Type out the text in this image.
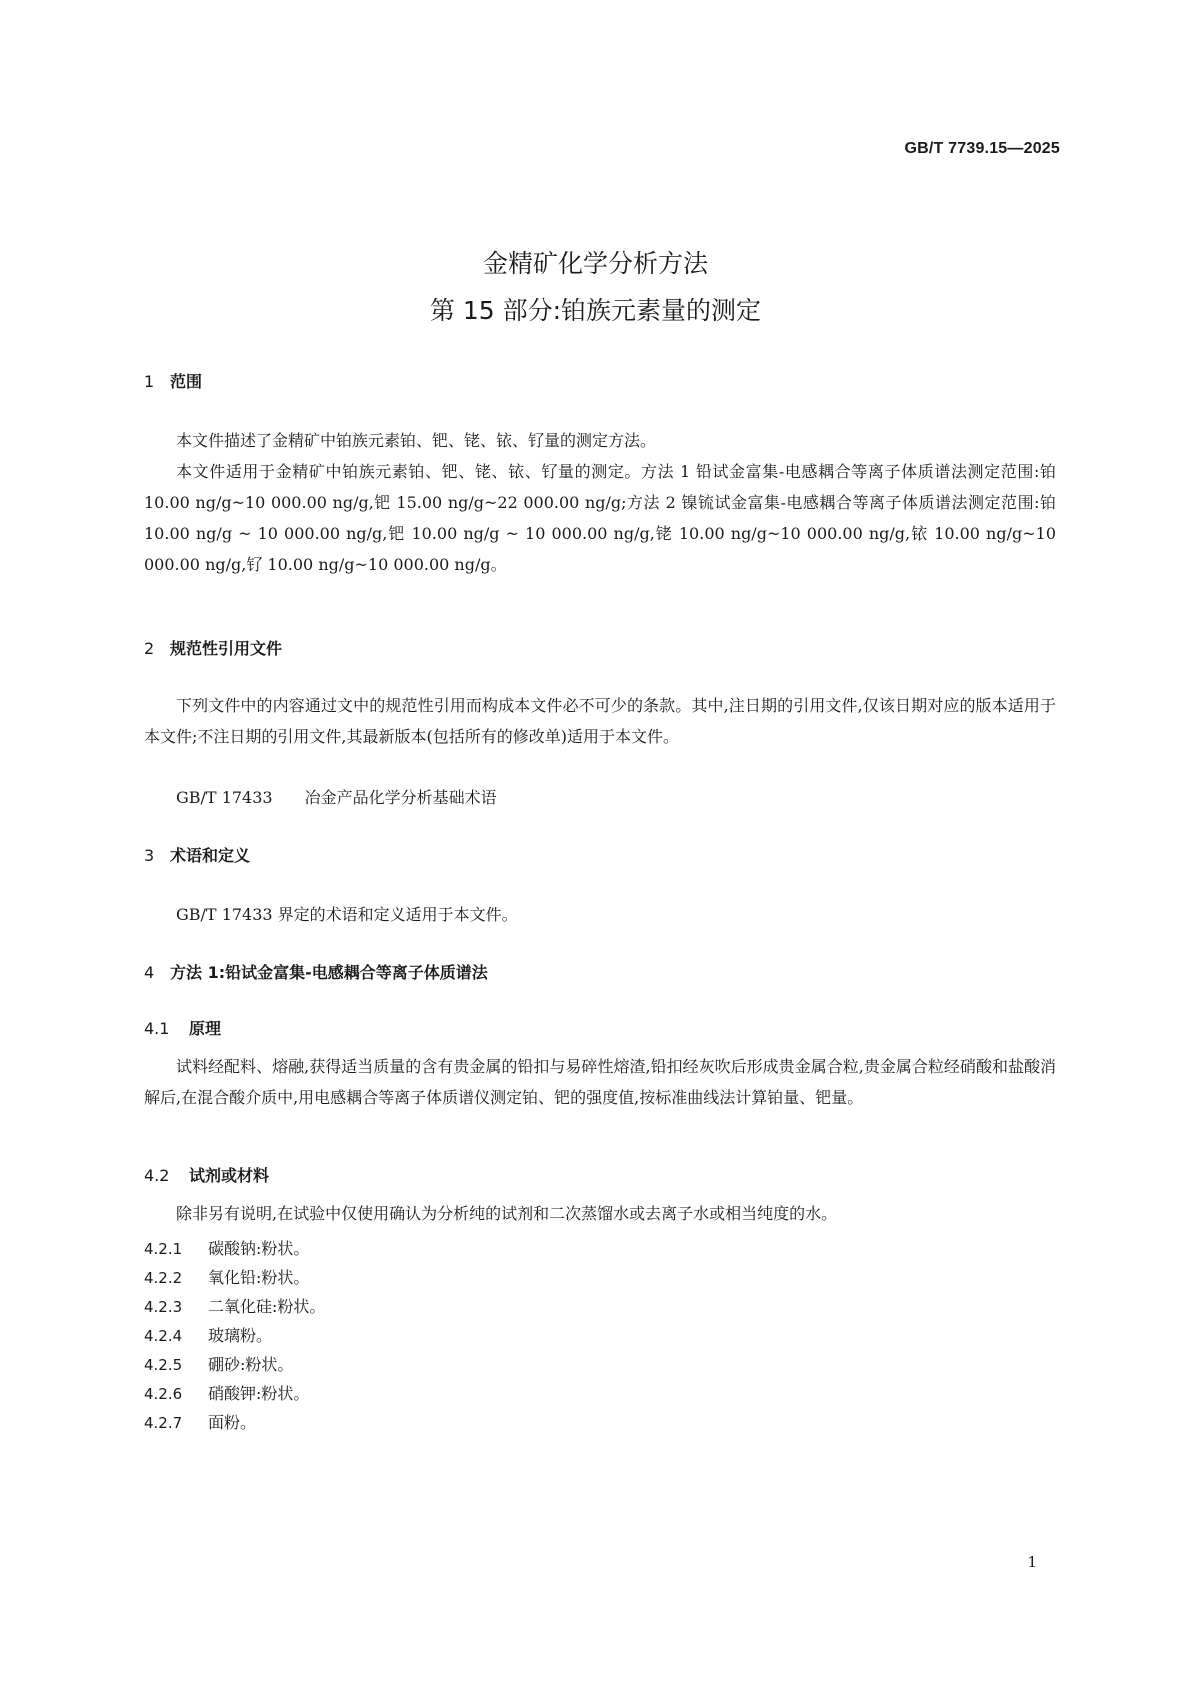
GB/T 7739.15—2025
金精矿化学分析方法
第 15 部分:铂族元素量的测定
1 范围
本文件描述了金精矿中铂族元素铂、钯、铑、铱、钌量的测定方法。
本文件适用于金精矿中铂族元素铂、钯、铑、铱、钌量的测定。方法 1 铅试金富集-电感耦合等离子体质谱法测定范围:铂 10.00 ng/g~10 000.00 ng/g,钯 15.00 ng/g~22 000.00 ng/g;方法 2 镍锍试金富集-电感耦合等离子体质谱法测定范围:铂 10.00 ng/g ~ 10 000.00 ng/g,钯 10.00 ng/g ~ 10 000.00 ng/g,铑 10.00 ng/g~10 000.00 ng/g,铱 10.00 ng/g~10 000.00 ng/g,钌 10.00 ng/g~10 000.00 ng/g。
2 规范性引用文件
下列文件中的内容通过文中的规范性引用而构成本文件必不可少的条款。其中,注日期的引用文件,仅该日期对应的版本适用于本文件;不注日期的引用文件,其最新版本(包括所有的修改单)适用于本文件。
GB/T 17433 冶金产品化学分析基础术语
3 术语和定义
GB/T 17433 界定的术语和定义适用于本文件。
4 方法 1:铅试金富集-电感耦合等离子体质谱法
4.1 原理
试料经配料、熔融,获得适当质量的含有贵金属的铅扣与易碎性熔渣,铅扣经灰吹后形成贵金属合粒,贵金属合粒经硝酸和盐酸消解后,在混合酸介质中,用电感耦合等离子体质谱仪测定铂、钯的强度值,按标准曲线法计算铂量、钯量。
4.2 试剂或材料
除非另有说明,在试验中仅使用确认为分析纯的试剂和二次蒸馏水或去离子水或相当纯度的水。
4.2.1 碳酸钠:粉状。
4.2.2 氧化铅:粉状。
4.2.3 二氧化硅:粉状。
4.2.4 玻璃粉。
4.2.5 硼砂:粉状。
4.2.6 硝酸钾:粉状。
4.2.7 面粉。
1
